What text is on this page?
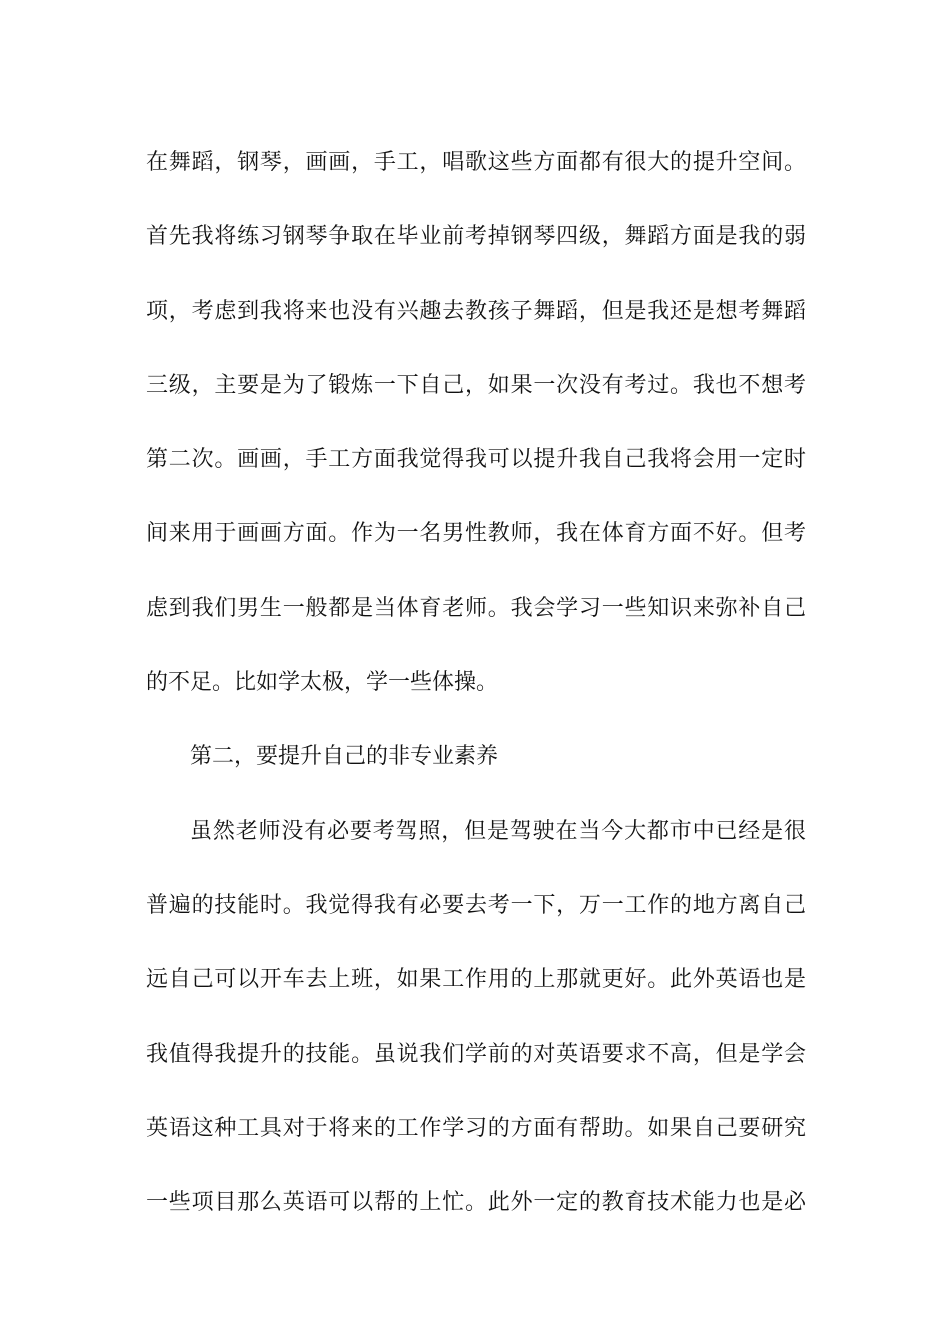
在舞蹈，钢琴，画画，手工，唱歌这些方面都有很大的提升空间。
首先我将练习钢琴争取在毕业前考掉钢琴四级，舞蹈方面是我的弱
项，考虑到我将来也没有兴趣去教孩子舞蹈，但是我还是想考舞蹈
三级，主要是为了锻炼一下自己，如果一次没有考过。我也不想考
第二次。画画，手工方面我觉得我可以提升我自己我将会用一定时
间来用于画画方面。作为一名男性教师，我在体育方面不好。但考
虑到我们男生一般都是当体育老师。我会学习一些知识来弥补自己
的不足。比如学太极，学一些体操。
第二，要提升自己的非专业素养
虽然老师没有必要考驾照，但是驾驶在当今大都市中已经是很
普遍的技能时。我觉得我有必要去考一下，万一工作的地方离自己
远自己可以开车去上班，如果工作用的上那就更好。此外英语也是
我值得我提升的技能。虽说我们学前的对英语要求不高，但是学会
英语这种工具对于将来的工作学习的方面有帮助。如果自己要研究
一些项目那么英语可以帮的上忙。此外一定的教育技术能力也是必
